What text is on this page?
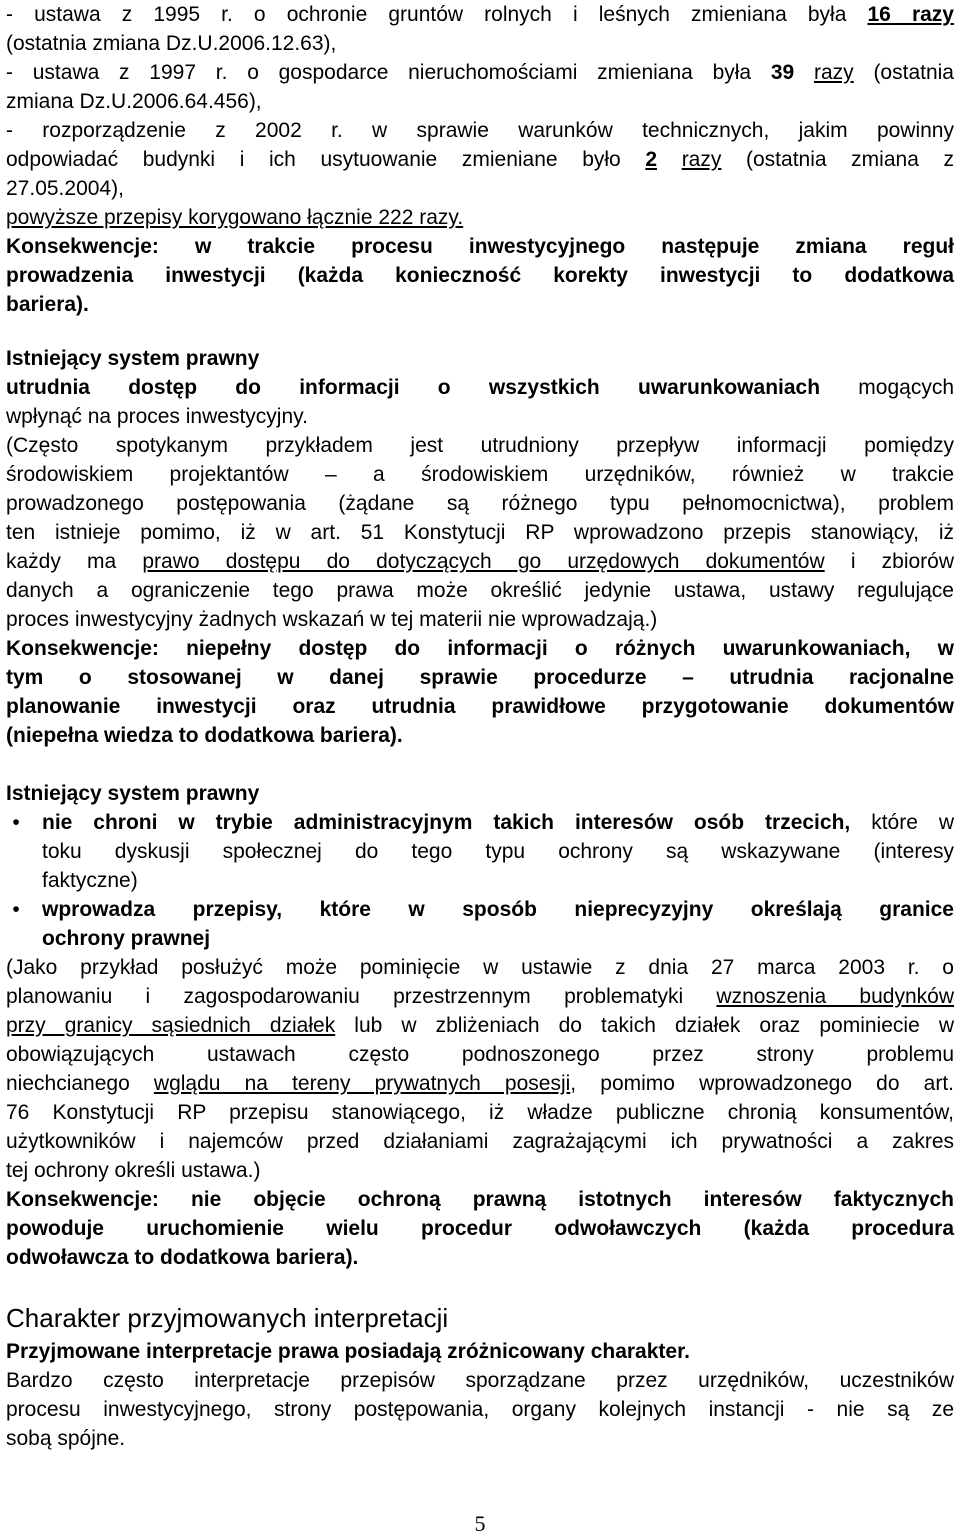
- ustawa z 1995 r. o ochronie gruntów rolnych i leśnych zmieniana była 16 razy
(ostatnia zmiana Dz.U.2006.12.63),
- ustawa z 1997 r. o gospodarce nieruchomościami zmieniana była 39 razy (ostatnia
zmiana Dz.U.2006.64.456),
- rozporządzenie z 2002 r. w sprawie warunków technicznych, jakim powinny
odpowiadać budynki i ich usytuowanie zmieniane było 2 razy (ostatnia zmiana z
27.05.2004),
powyższe przepisy korygowano łącznie 222 razy.
Konsekwencje: w trakcie procesu inwestycyjnego następuje zmiana reguł
prowadzenia inwestycji (każda konieczność korekty inwestycji to dodatkowa
bariera).
Istniejący system prawny
utrudnia dostęp do informacji o wszystkich uwarunkowaniach mogących
wpłynąć na proces inwestycyjny.
(Często spotykanym przykładem jest utrudniony przepływ informacji pomiędzy
środowiskiem projektantów – a środowiskiem urzędników, również w trakcie
prowadzonego postępowania (żądane są różnego typu pełnomocnictwa), problem
ten istnieje pomimo, iż w art. 51 Konstytucji RP wprowadzono przepis stanowiący, iż
każdy ma prawo dostępu do dotyczących go urzędowych dokumentów i zbiorów
danych a ograniczenie tego prawa może określić jedynie ustawa, ustawy regulujące
proces inwestycyjny żadnych wskazań w tej materii nie wprowadzają.)
Konsekwencje: niepełny dostęp do informacji o różnych uwarunkowaniach, w
tym o stosowanej w danej sprawie procedurze – utrudnia racjonalne
planowanie inwestycji oraz utrudnia prawidłowe przygotowanie dokumentów
(niepełna wiedza to dodatkowa bariera).
Istniejący system prawny
•	nie chroni w trybie administracyjnym takich interesów osób trzecich, które w
toku dyskusji społecznej do tego typu ochrony są wskazywane (interesy
faktyczne)
•	wprowadza przepisy, które w sposób nieprecyzyjny określają granice
ochrony prawnej
(Jako przykład posłużyć może pominięcie w ustawie z dnia 27 marca 2003 r. o
planowaniu i zagospodarowaniu przestrzennym problematyki wznoszenia budynków
przy granicy sąsiednich działek lub w zbliżeniach do takich działek oraz pominiecie w
obowiązujących ustawach często podnoszonego przez strony problemu
niechcianego wglądu na tereny prywatnych posesji, pomimo wprowadzonego do art.
76 Konstytucji RP przepisu stanowiącego, iż władze publiczne chronią konsumentów,
użytkowników i najemców przed działaniami zagrażającymi ich prywatności a zakres
tej ochrony określi ustawa.)
Konsekwencje: nie objęcie ochroną prawną istotnych interesów faktycznych
powoduje uruchomienie wielu procedur odwoławczych (każda procedura
odwoławcza to dodatkowa bariera).
Charakter przyjmowanych interpretacji
Przyjmowane interpretacje prawa posiadają zróżnicowany charakter.
Bardzo często interpretacje przepisów sporządzane przez urzędników, uczestników
procesu inwestycyjnego, strony postępowania, organy kolejnych instancji - nie są ze
sobą spójne.
5
